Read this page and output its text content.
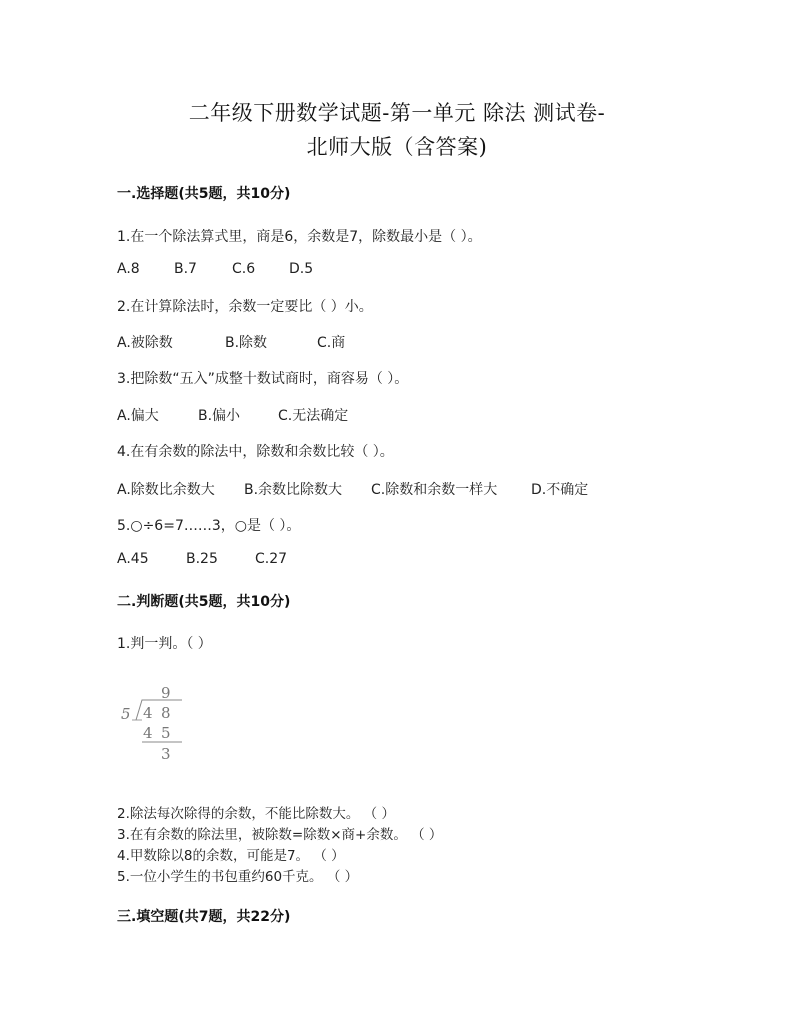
二年级下册数学试题-第一单元 除法 测试卷-
北师大版（含答案)
一.选择题(共5题，共10分)
1.在一个除法算式里，商是6，余数是7，除数最小是（ ）。
A.8 B.7	C.6 D.5
2.在计算除法时，余数一定要比（ ）小。
A.被除数	B.除数	C.商
3.把除数“五入”成整十数试商时，商容易（ ）。
A.偏大	B.偏小	C.无法确定
4.在有余数的除法中，除数和余数比较（ ）。
A.除数比余数大 B.余数比除数大 C.除数和余数一样大 D.不确定
5.○÷6=7……3，○是（ ）。
A.45	B.25	C.27
二.判断题(共5题，共10分)
1.判一判。（ ）
9
5 4 8
4 5
3
2.除法每次除得的余数，不能比除数大。 （ ）
3.在有余数的除法里，被除数=除数×商+余数。 （ ）
4.甲数除以8的余数，可能是7。 （ ）
5.一位小学生的书包重约60千克。 （ ）
三.填空题(共7题，共22分)
